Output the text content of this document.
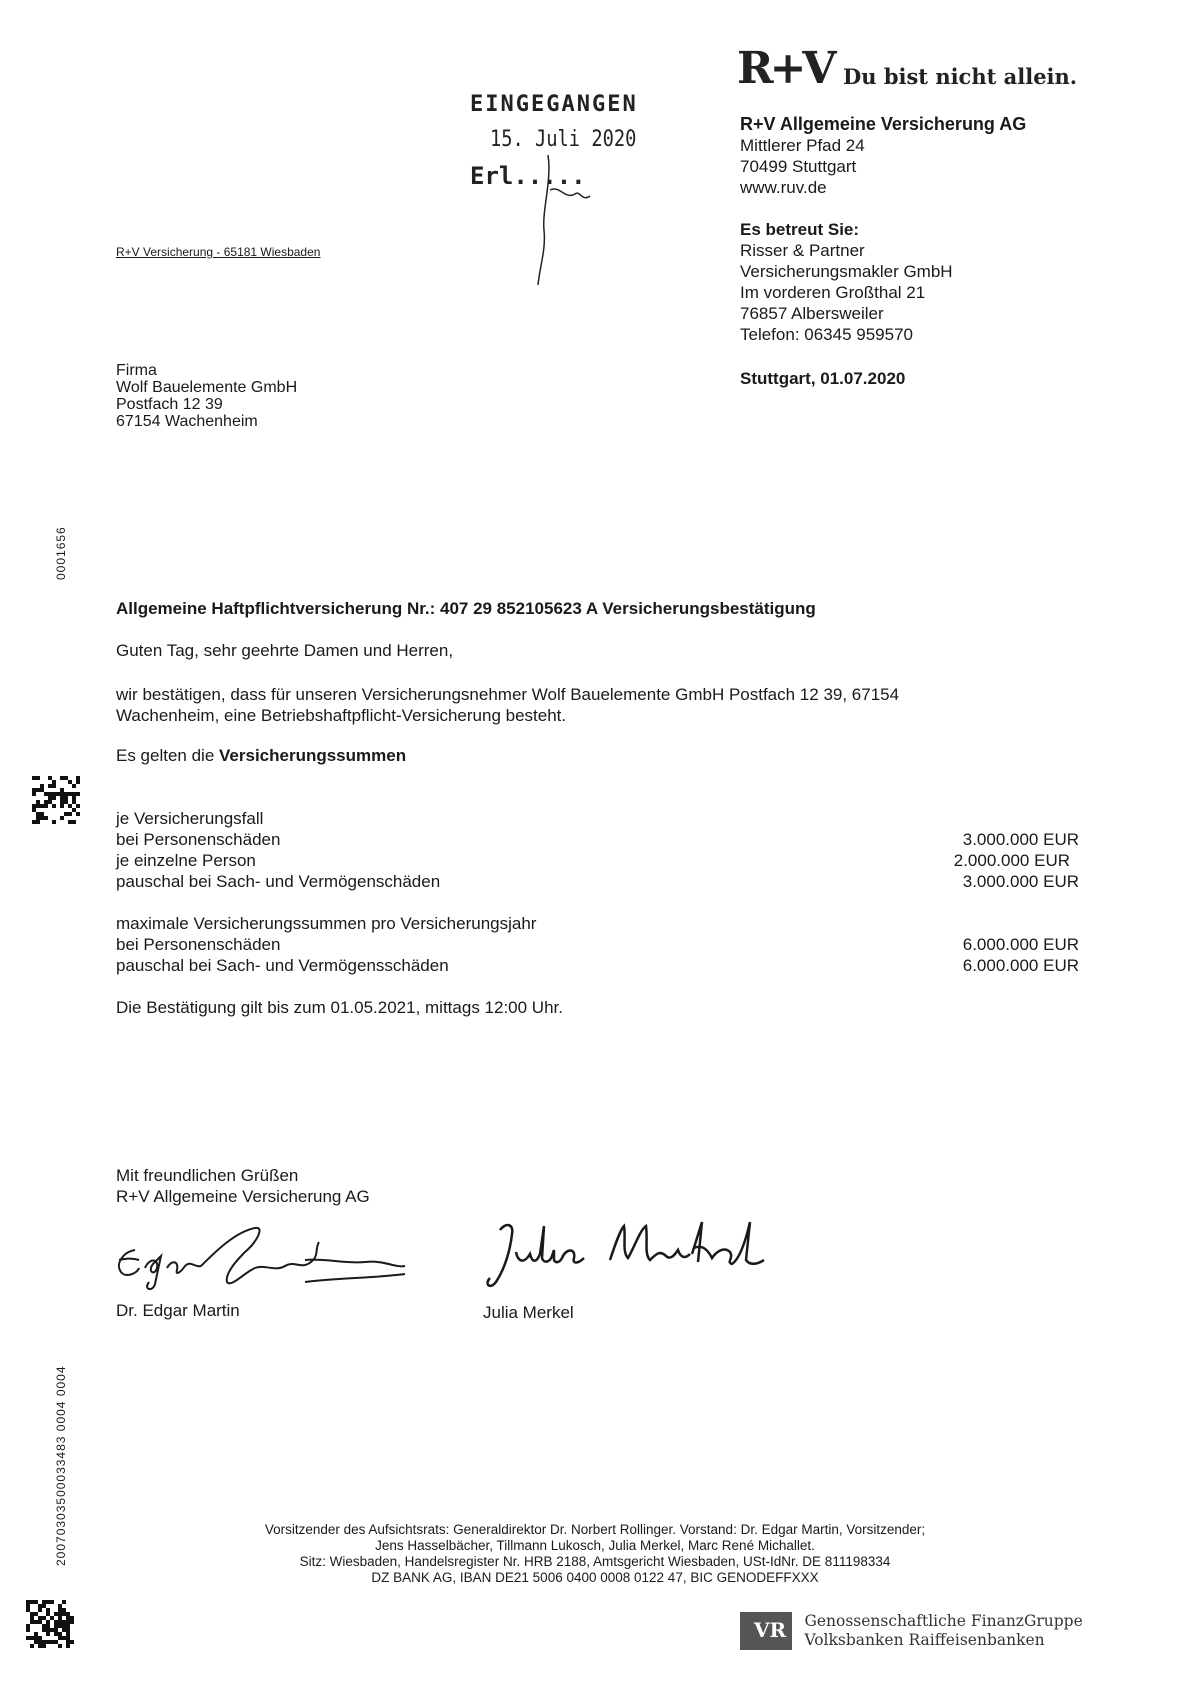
R+V Du bist nicht allein.
EINGEGANGEN
15. Juli 2020
Erl.....
R+V Versicherung - 65181 Wiesbaden
R+V Allgemeine Versicherung AG
Mittlerer Pfad 24
70499 Stuttgart
www.ruv.de
Es betreut Sie:
Risser & Partner
Versicherungsmakler GmbH
Im vorderen Großthal 21
76857 Albersweiler
Telefon: 06345 959570
Stuttgart, 01.07.2020
Firma
Wolf Bauelemente GmbH
Postfach 12 39
67154 Wachenheim
0001656
20070303500033483 0004 0004
Allgemeine Haftpflichtversicherung Nr.: 407 29 852105623 A Versicherungsbestätigung
Guten Tag, sehr geehrte Damen und Herren,
wir bestätigen, dass für unseren Versicherungsnehmer Wolf Bauelemente GmbH Postfach 12 39, 67154
Wachenheim, eine Betriebshaftpflicht-Versicherung besteht.
Es gelten die Versicherungssummen
je Versicherungsfall
bei Personenschäden	3.000.000 EUR
je einzelne Person	2.000.000 EUR
pauschal bei Sach- und Vermögenschäden	3.000.000 EUR
maximale Versicherungssummen pro Versicherungsjahr
bei Personenschäden	6.000.000 EUR
pauschal bei Sach- und Vermögensschäden	6.000.000 EUR
Die Bestätigung gilt bis zum 01.05.2021, mittags 12:00 Uhr.
Mit freundlichen Grüßen
R+V Allgemeine Versicherung AG
Dr. Edgar Martin	Julia Merkel
Vorsitzender des Aufsichtsrats: Generaldirektor Dr. Norbert Rollinger. Vorstand: Dr. Edgar Martin, Vorsitzender;
Jens Hasselbächer, Tillmann Lukosch, Julia Merkel, Marc René Michallet.
Sitz: Wiesbaden, Handelsregister Nr. HRB 2188, Amtsgericht Wiesbaden, USt-IdNr. DE 811198334
DZ BANK AG, IBAN DE21 5006 0400 0008 0122 47, BIC GENODEFFXXX
VR
Genossenschaftliche FinanzGruppe
Volksbanken Raiffeisenbanken
